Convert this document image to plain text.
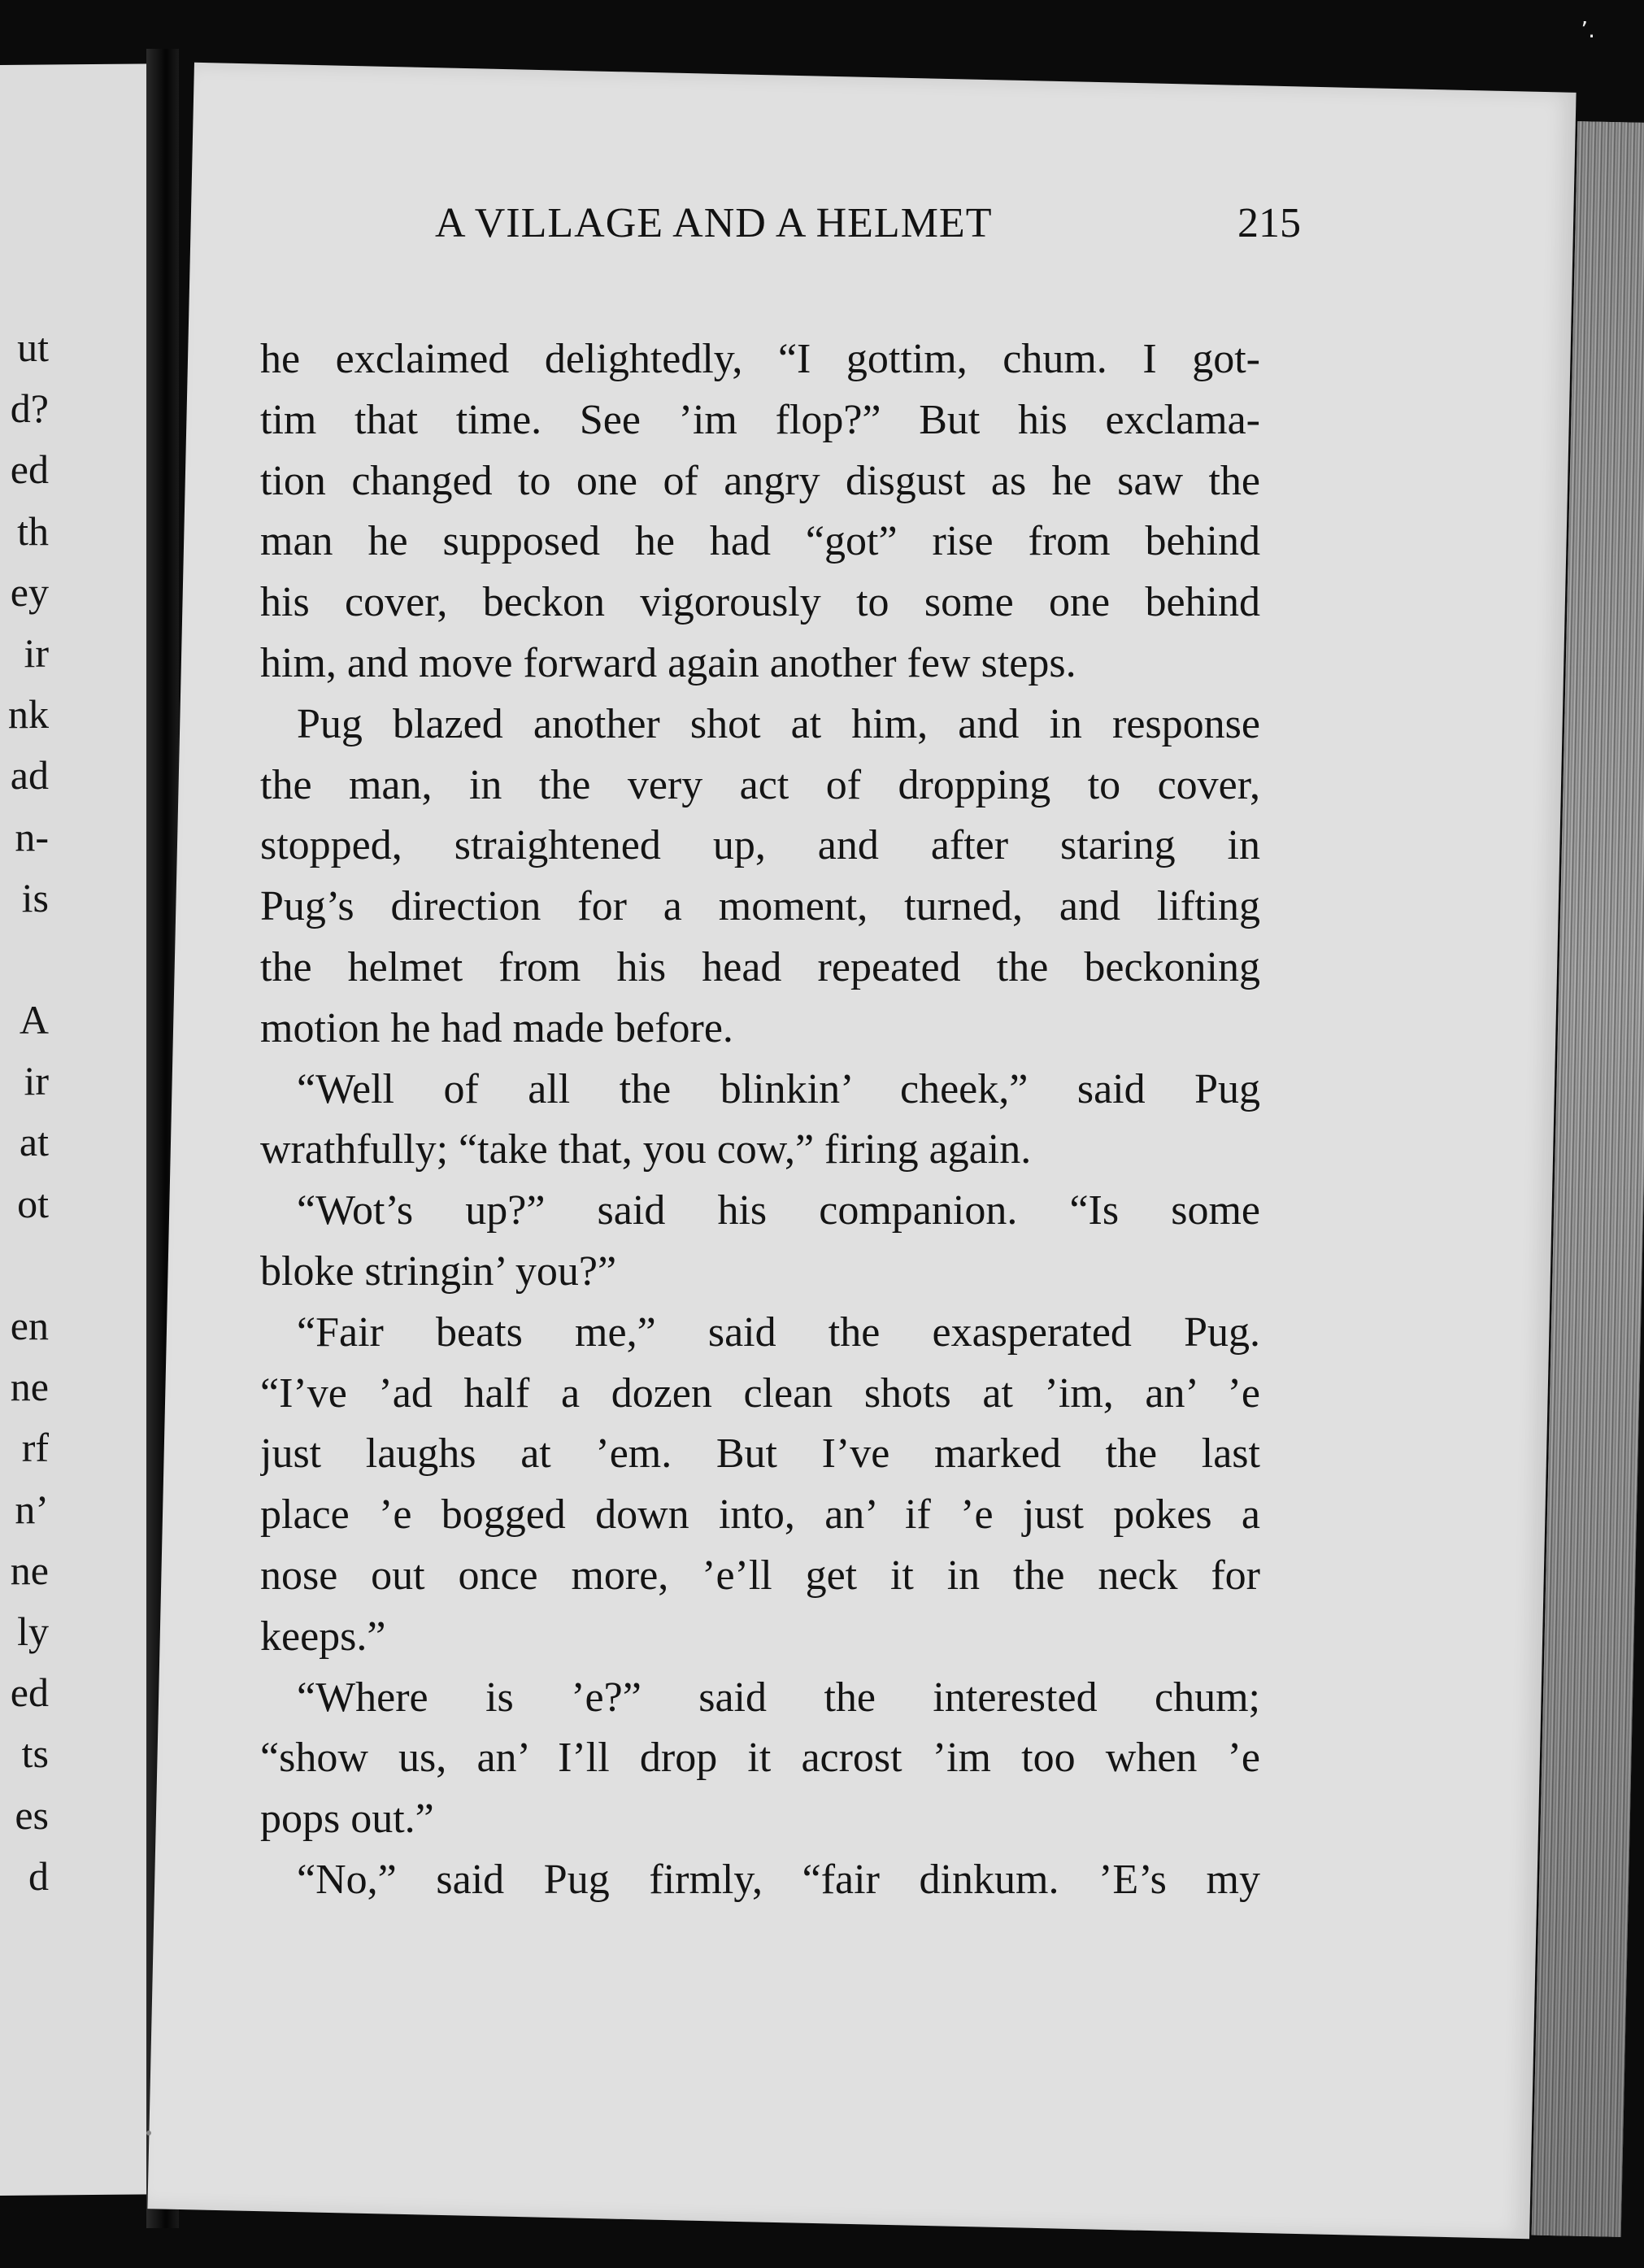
’.
ut
d?
ed
th
ey
ir
nk
ad
n-
is
A
ir
at
ot
en
ne
rf
n’
ne
ly
ed
ts
es
d
A VILLAGE AND A HELMET	215
he exclaimed delightedly, “I gottim, chum. I got-
tim that time. See ’im flop?” But his exclama-
tion changed to one of angry disgust as he saw the
man he supposed he had “got” rise from behind
his cover, beckon vigorously to some one behind
him, and move forward again another few steps.
Pug blazed another shot at him, and in response
the man, in the very act of dropping to cover,
stopped, straightened up, and after staring in
Pug’s direction for a moment, turned, and lifting
the helmet from his head repeated the beckoning
motion he had made before.
“Well of all the blinkin’ cheek,” said Pug
wrathfully; “take that, you cow,” firing again.
“Wot’s up?” said his companion. “Is some
bloke stringin’ you?”
“Fair beats me,” said the exasperated Pug.
“I’ve ’ad half a dozen clean shots at ’im, an’ ’e
just laughs at ’em. But I’ve marked the last
place ’e bogged down into, an’ if ’e just pokes a
nose out once more, ’e’ll get it in the neck for
keeps.”
“Where is ’e?” said the interested chum;
“show us, an’ I’ll drop it acrost ’im too when ’e
pops out.”
“No,” said Pug firmly, “fair dinkum. ’E’s my
